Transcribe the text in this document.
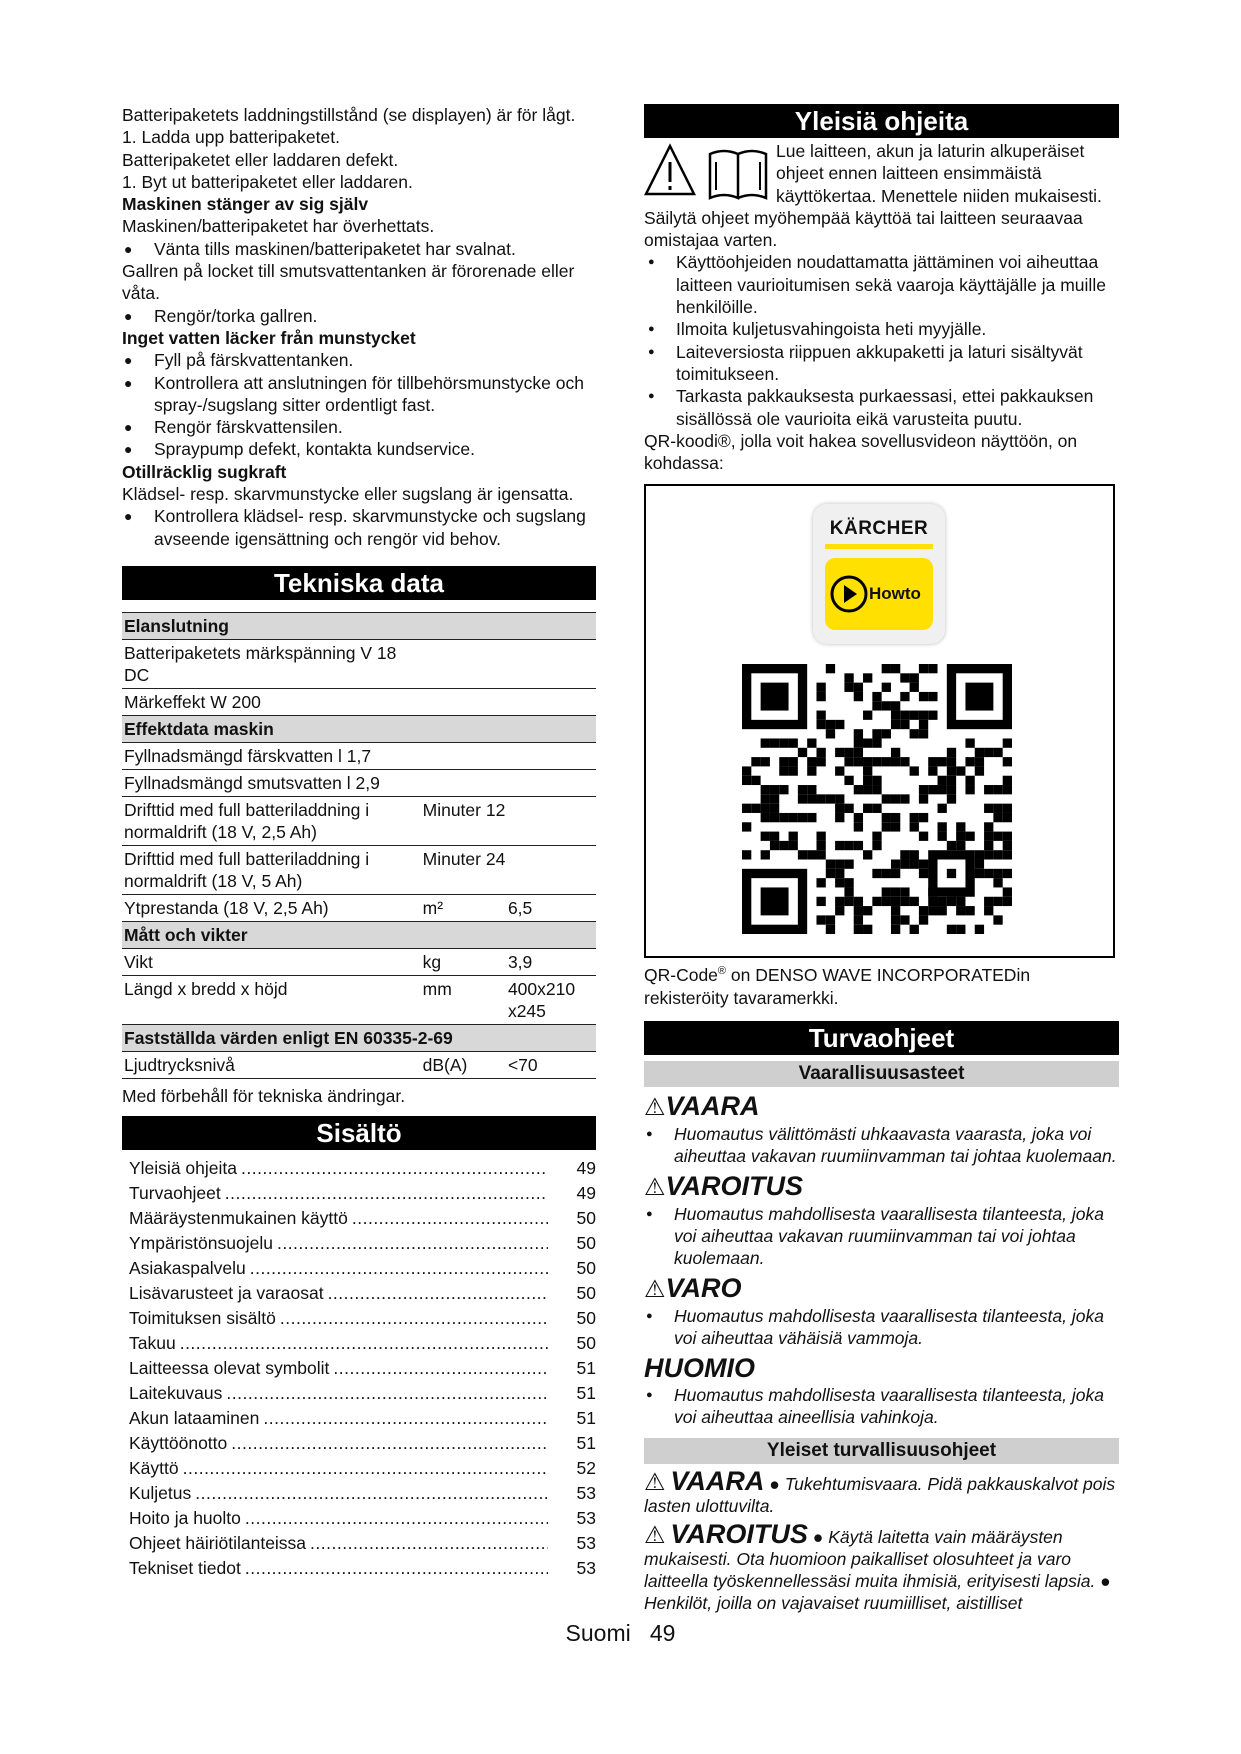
Batteripaketets laddningstillstånd (se displayen) är för lågt.
1. Ladda upp batteripaketet.
Batteripaketet eller laddaren defekt.
1. Byt ut batteripaketet eller laddaren.
Maskinen stänger av sig själv
Maskinen/batteripaketet har överhettats.
● Vänta tills maskinen/batteripaketet har svalnat.
Gallren på locket till smutsvattentanken är förorenade eller våta.
● Rengör/torka gallren.
Inget vatten läcker från munstycket
● Fyll på färskvattentanken.
● Kontrollera att anslutningen för tillbehörsmunstycke och spray-/sugslang sitter ordentligt fast.
● Rengör färskvattensilen.
● Spraypump defekt, kontakta kundservice.
Otillräcklig sugkraft
Klädsel- resp. skarvmunstycke eller sugslang är igensatta.
● Kontrollera klädsel- resp. skarvmunstycke och sugslang avseende igensättning och rengör vid behov.
Tekniska data
Elanslutning		
Batteripaketets märkspänning V 18 DC		
Märkeffekt W 200		
Effektdata maskin		
Fyllnadsmängd färskvatten l 1,7		
Fyllnadsmängd smutsvatten l 2,9		
Drifttid med full batteriladdning i normaldrift (18 V, 2,5 Ah)	Minuter 12	
Drifttid med full batteriladdning i normaldrift (18 V, 5 Ah)	Minuter 24	
Ytprestanda (18 V, 2,5 Ah)	m²	6,5
Mått och vikter		
Vikt	kg	3,9
Längd x bredd x höjd	mm	400x210 x245
Fastställda värden enligt EN 60335-2-69		
Ljudtrycksnivå	dB(A)	<70
Med förbehåll för tekniska ändringar.
Sisältö
Yleisiä ohjeita .....	49
Turvaohjeet .....	49
Määräystenmukainen käyttö .....	50
Ympäristönsuojelu .....	50
Asiakaspalvelu .....	50
Lisävarusteet ja varaosat .....	50
Toimituksen sisältö .....	50
Takuu .....	50
Laitteessa olevat symbolit .....	51
Laitekuvaus .....	51
Akun lataaminen .....	51
Käyttöönotto .....	51
Käyttö .....	52
Kuljetus .....	53
Hoito ja huolto .....	53
Ohjeet häiriötilanteissa .....	53
Tekniset tiedot .....	53
Yleisiä ohjeita
Lue laitteen, akun ja laturin alkuperäiset ohjeet ennen laitteen ensimmäistä käyttökertaa. Menettele niiden mukaisesti.
Säilytä ohjeet myöhempää käyttöä tai laitteen seuraavaa omistajaa varten.
● Käyttöohjeiden noudattamatta jättäminen voi aiheuttaa laitteen vaurioitumisen sekä vaaroja käyttäjälle ja muille henkilöille.
● Ilmoita kuljetusvahingoista heti myyjälle.
● Laiteversiosta riippuen akkupaketti ja laturi sisältyvät toimitukseen.
● Tarkasta pakkauksesta purkaessasi, ettei pakkauksen sisällössä ole vaurioita eikä varusteita puutu.
QR-koodi®, jolla voit hakea sovellusvideon näyttöön, on kohdassa:
KÄRCHER
Howto
QR-Code® on DENSO WAVE INCORPORATEDin rekisteröity tavaramerkki.
Turvaohjeet
Vaarallisuusasteet
⚠VAARA
● Huomautus välittömästi uhkaavasta vaarasta, joka voi aiheuttaa vakavan ruumiinvamman tai johtaa kuolemaan.
⚠VAROITUS
● Huomautus mahdollisesta vaarallisesta tilanteesta, joka voi aiheuttaa vakavan ruumiinvamman tai voi johtaa kuolemaan.
⚠VARO
● Huomautus mahdollisesta vaarallisesta tilanteesta, joka voi aiheuttaa vähäisiä vammoja.
HUOMIO
● Huomautus mahdollisesta vaarallisesta tilanteesta, joka voi aiheuttaa aineellisia vahinkoja.
Yleiset turvallisuusohjeet
⚠ VAARA ● Tukehtumisvaara. Pidä pakkauskalvot pois lasten ulottuvilta.
⚠ VAROITUS ● Käytä laitetta vain määräysten mukaisesti. Ota huomioon paikalliset olosuhteet ja varo laitteella työskennellessäsi muita ihmisiä, erityisesti lapsia. ● Henkilöt, joilla on vajavaiset ruumiilliset, aistilliset
Suomi 49
